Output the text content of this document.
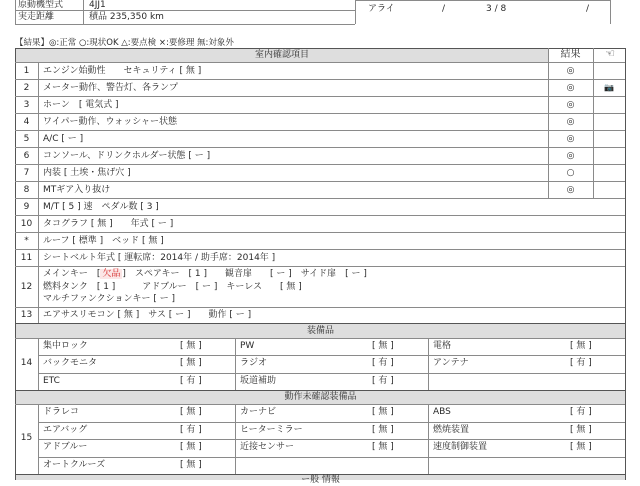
原動機型式	4JJ1
実走距離	積品 235,350 km
アライ	/	3 / 8	/
【結果】◎:正常 ○:現状OK △:要点検 ×:要修理 無:対象外
室内確認項目	結果	☜
1	エンジン始動性　　セキュリティ [ 無 ]	◎
2	メーター動作、警告灯、各ランプ	◎	📷
3	ホーン　[ 電気式 ]	◎
4	ワイパー動作、ウォッシャー状態	◎
5	A/C [ ー ]	◎
6	コンソール、ドリンクホルダー状態 [ ー ]	◎
7	内装 [ 土埃・焦げ穴 ]	○
8	MTギア入り抜け	◎
9	M/T [ 5 ] 速　ペダル数 [ 3 ]
10	タコグラフ [ 無 ]　　年式 [ ー ]
*	ルーフ [ 標準 ]　ベッド [ 無 ]
11	シートベルト年式 [ 運転席：2014年 / 助手席：2014年 ]
12
メインキー　[ 欠品 ]　スペアキー　[ 1 ]　　観音扉　　[ ー ]　サイド扉　[ ー ]
燃料タンク　[ 1 ]　　　アドブルー　[ ー ]　キーレス　　[ 無 ]
マルチファンクションキー [ ー ]
13	エアサスリモコン [ 無 ]　サス [ ー ]　　動作 [ ー ]
装備品
14
集中ロック	[ 無 ]	PW	[ 無 ]	電格	[ 無 ]
バックモニタ	[ 無 ]	ラジオ	[ 有 ]	アンテナ	[ 有 ]
ETC	[ 有 ]	坂道補助	[ 有 ]
動作未確認装備品
15
ドラレコ	[ 無 ]	カーナビ	[ 無 ]	ABS	[ 有 ]
エアバッグ	[ 有 ]	ヒーターミラー	[ 無 ]	燃焼装置	[ 無 ]
アドブルー	[ 無 ]	近接センサー	[ 無 ]	速度制御装置	[ 無 ]
オートクルーズ	[ 無 ]
ー般 情報
